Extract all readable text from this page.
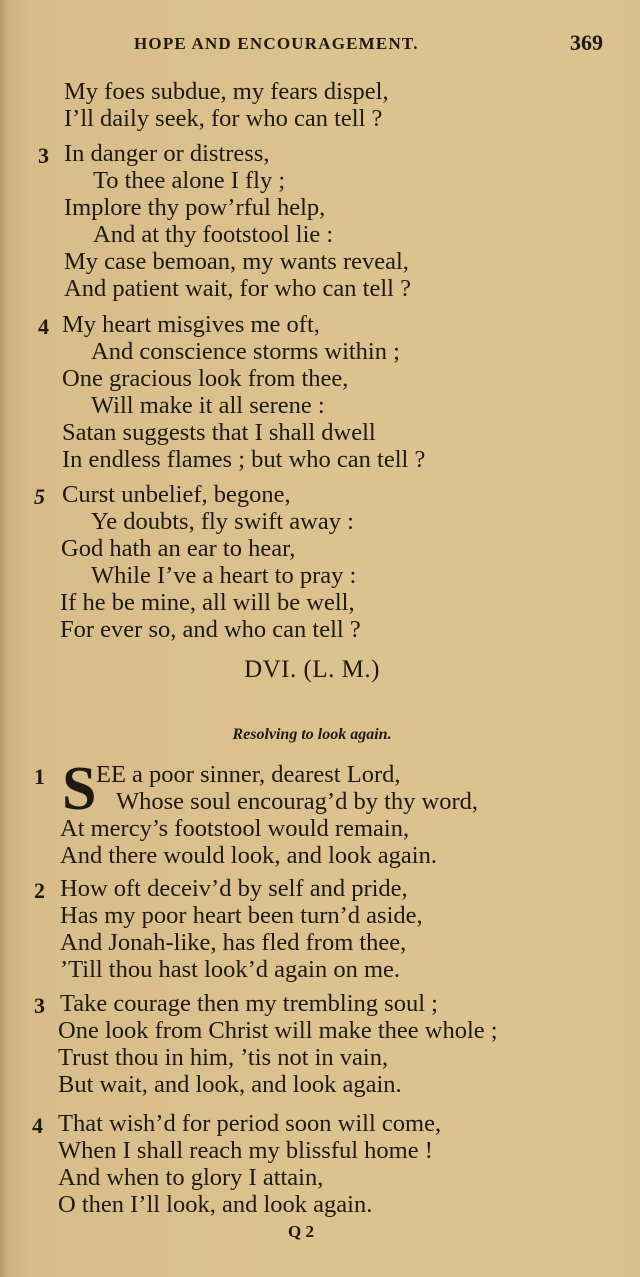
HOPE AND ENCOURAGEMENT.	369
My foes subdue, my fears dispel,
I’ll daily seek, for who can tell ?
3 In danger or distress,
To thee alone I fly ;
Implore thy pow’rful help,
And at thy footstool lie :
My case bemoan, my wants reveal,
And patient wait, for who can tell ?
4 My heart misgives me oft,
And conscience storms within ;
One gracious look from thee,
Will make it all serene :
Satan suggests that I shall dwell
In endless flames ; but who can tell ?
5 Curst unbelief, begone,
Ye doubts, fly swift away :
God hath an ear to hear,
While I’ve a heart to pray :
If he be mine, all will be well,
For ever so, and who can tell ?
DVI. (L. M.)
Resolving to look again.
1 S EE a poor sinner, dearest Lord,
Whose soul encourag’d by thy word,
At mercy’s footstool would remain,
And there would look, and look again.
2 How oft deceiv’d by self and pride,
Has my poor heart been turn’d aside,
And Jonah-like, has fled from thee,
’Till thou hast look’d again on me.
3 Take courage then my trembling soul ;
One look from Christ will make thee whole ;
Trust thou in him, ’tis not in vain,
But wait, and look, and look again.
4 That wish’d for period soon will come,
When I shall reach my blissful home !
And when to glory I attain,
O then I’ll look, and look again.
Q 2
